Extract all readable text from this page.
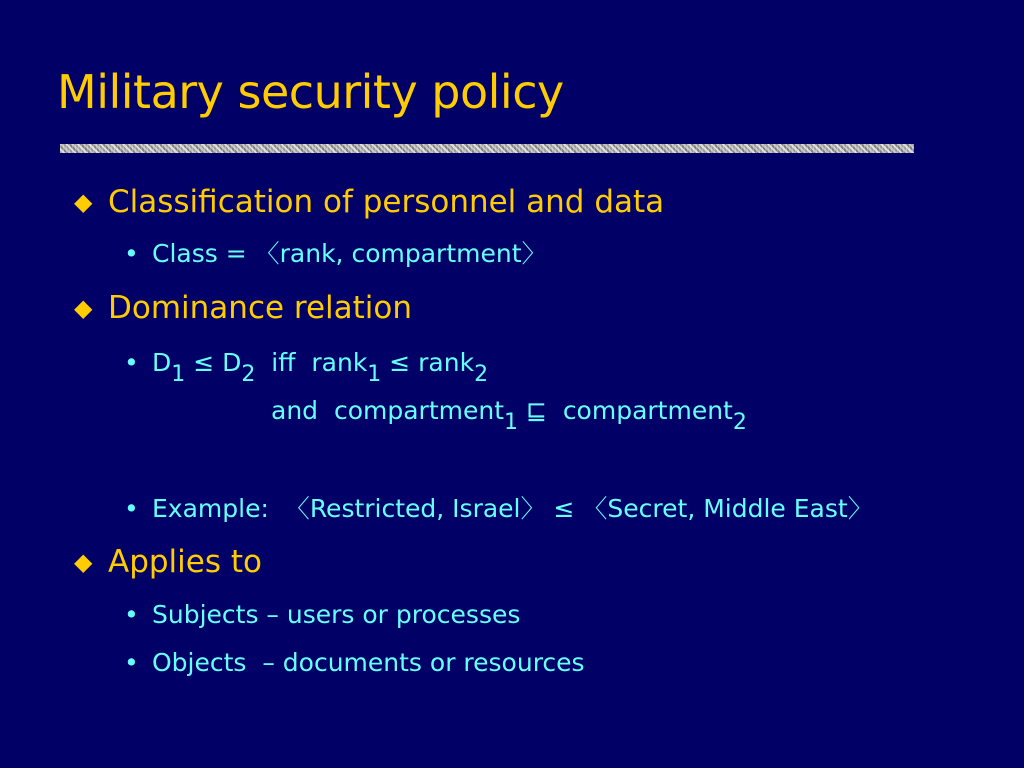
Military security policy
◆ Classification of personnel and data
• Class = 〈rank, compartment〉
◆ Dominance relation
• $D_1 \le D_2$ iff rank$_1$ ≤ rank$_2$
and compartment$_1$ ⊑ compartment$_2$
• Example: 〈Restricted, Israel〉 ≤ 〈Secret, Middle East〉
◆ Applies to
• Subjects – users or processes
• Objects  – documents or resources
